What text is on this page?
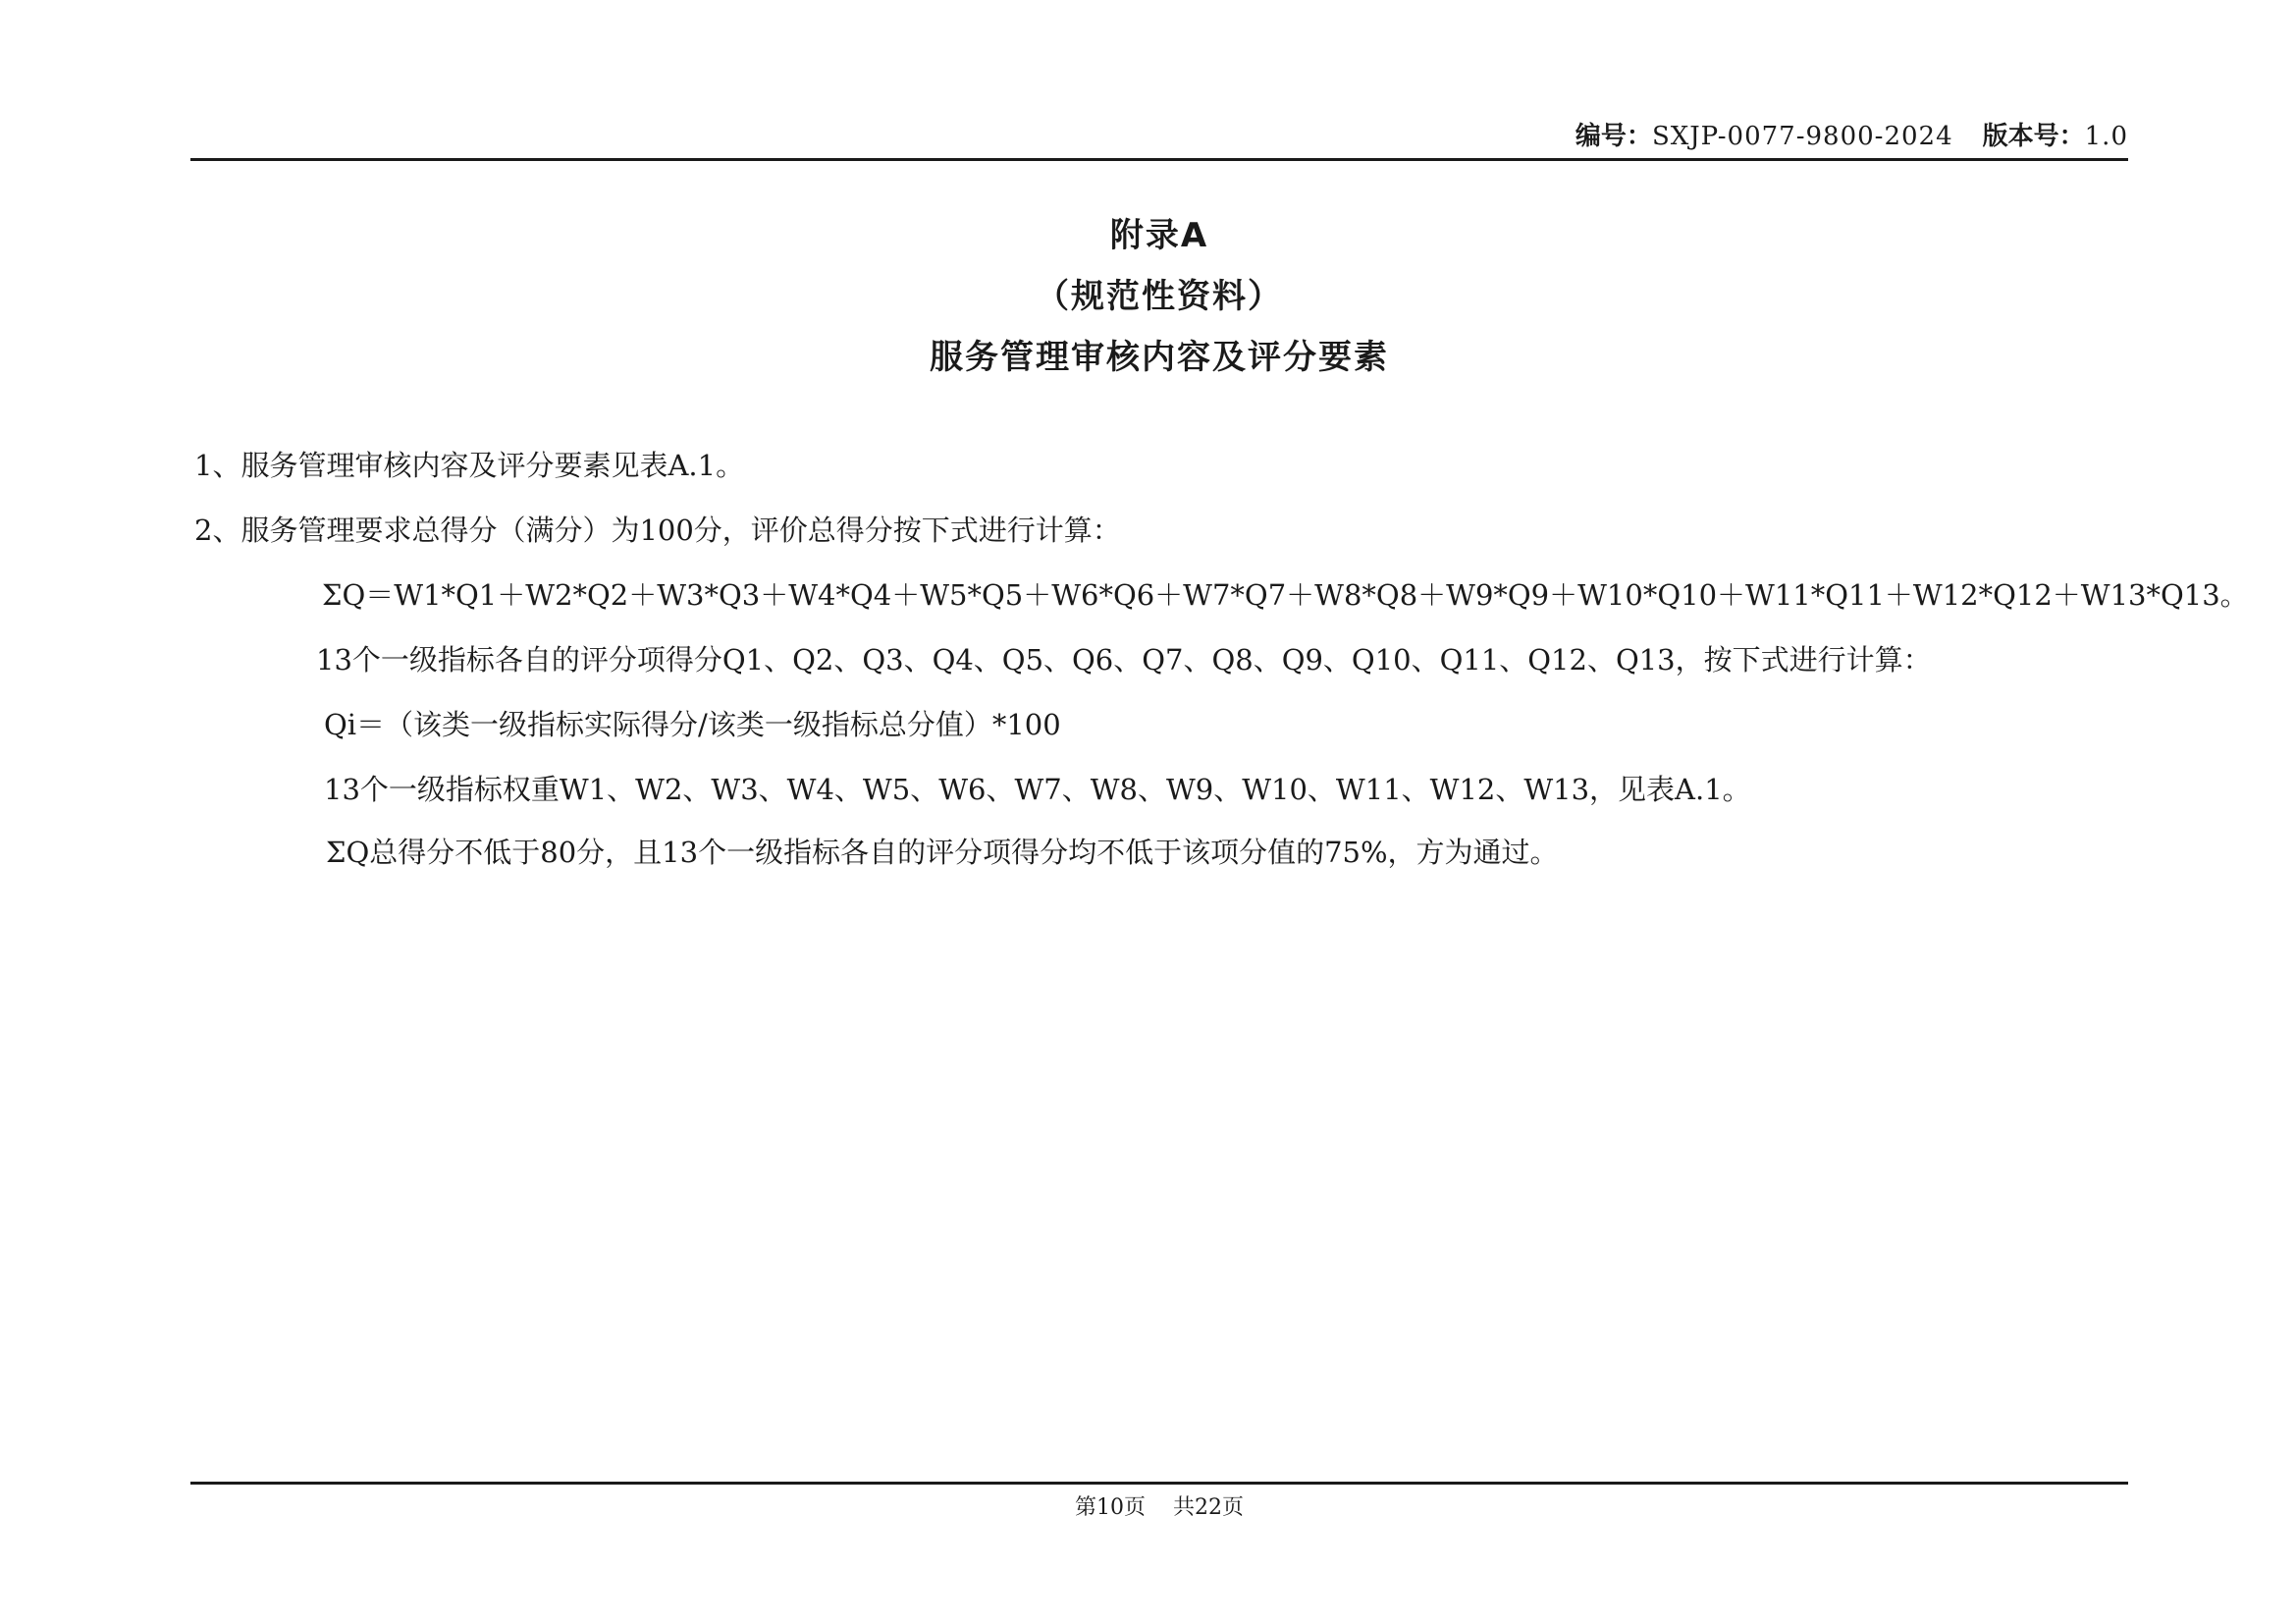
编号：SXJP-0077-9800-2024 版本号：1.0
附录A
（规范性资料）
服务管理审核内容及评分要素
1、服务管理审核内容及评分要素见表A.1。
2、服务管理要求总得分（满分）为100分，评价总得分按下式进行计算：
ΣQ＝W1*Q1＋W2*Q2＋W3*Q3＋W4*Q4＋W5*Q5＋W6*Q6＋W7*Q7＋W8*Q8＋W9*Q9＋W10*Q10＋W11*Q11＋W12*Q12＋W13*Q13。
13个一级指标各自的评分项得分Q1、Q2、Q3、Q4、Q5、Q6、Q7、Q8、Q9、Q10、Q11、Q12、Q13，按下式进行计算：
Qi＝（该类一级指标实际得分/该类一级指标总分值）*100
13个一级指标权重W1、W2、W3、W4、W5、W6、W7、W8、W9、W10、W11、W12、W13，见表A.1。
ΣQ总得分不低于80分，且13个一级指标各自的评分项得分均不低于该项分值的75%，方为通过。
第10页 共22页
